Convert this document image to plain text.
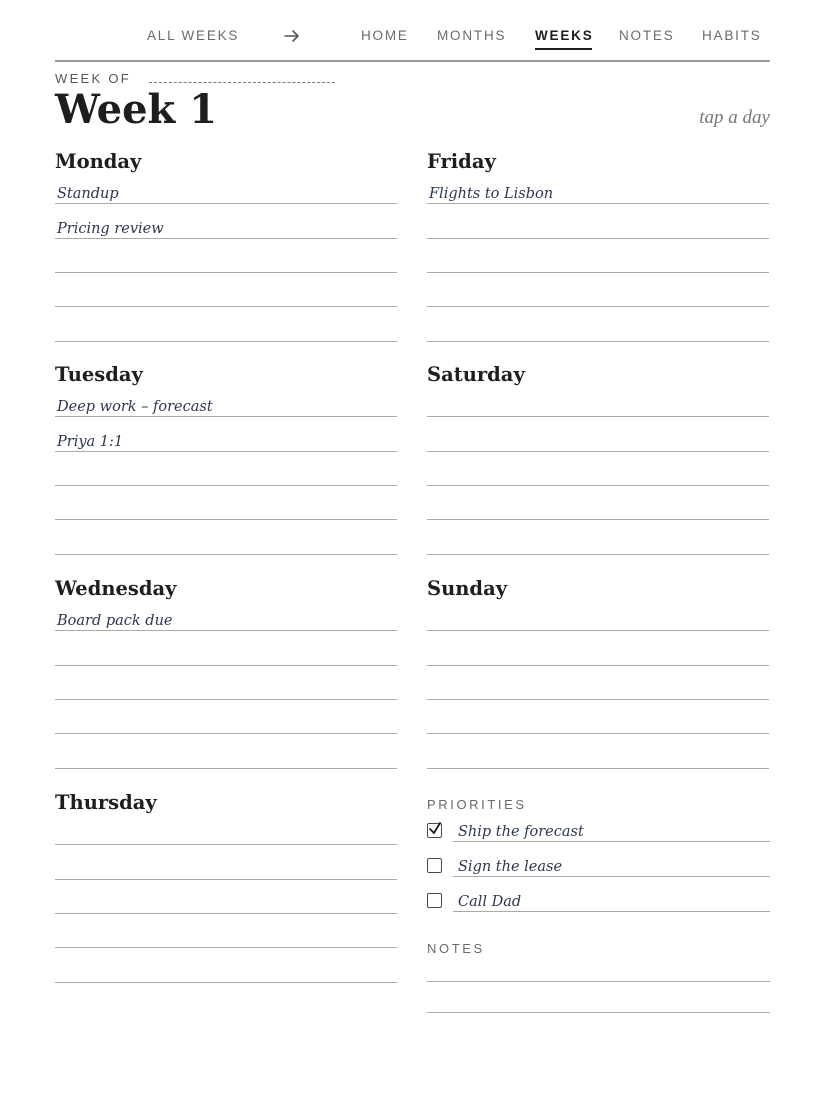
ALL WEEKS	HOME MONTHS WEEKS NOTES HABITS
WEEK OF
Week 1	tap a day
Monday
Standup
Pricing review
Tuesday
Deep work – forecast
Priya 1:1
Wednesday
Board pack due
Thursday
Friday
Flights to Lisbon
Saturday
Sunday
PRIORITIES
Ship the forecast
Sign the lease
Call Dad
NOTES
